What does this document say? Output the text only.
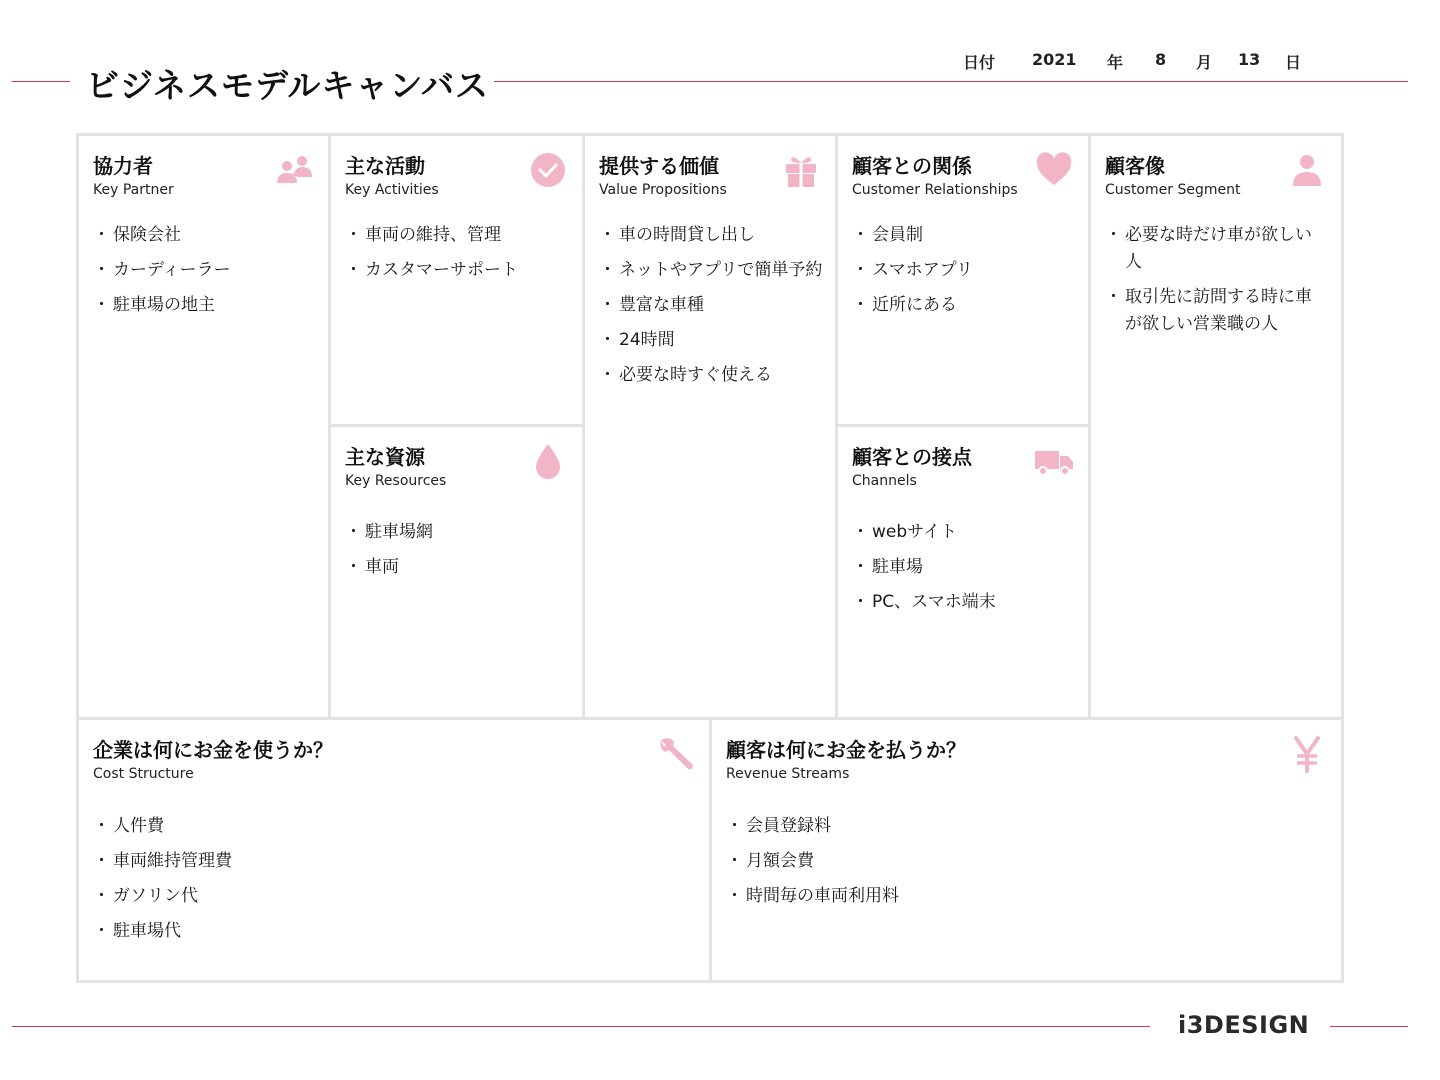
ビジネスモデルキャンバス
日付 2021 年 8 月 13 日
協力者
Key Partner
・ 保険会社
・ カーディーラー
・ 駐車場の地主
主な活動
Key Activities
・ 車両の維持、管理
・ カスタマーサポート
主な資源
Key Resources
・ 駐車場網
・ 車両
提供する価値
Value Propositions
・ 車の時間貸し出し
・ ネットやアプリで簡単予約
・ 豊富な車種
・ 24時間
・ 必要な時すぐ使える
顧客との関係
Customer Relationships
・ 会員制
・ スマホアプリ
・ 近所にある
顧客との接点
Channels
・ webサイト
・ 駐車場
・ PC、スマホ端末
顧客像
Customer Segment
・ 必要な時だけ車が欲しい人
・ 取引先に訪問する時に車が欲しい営業職の人
企業は何にお金を使うか？
Cost Structure
・ 人件費
・ 車両維持管理費
・ ガソリン代
・ 駐車場代
顧客は何にお金を払うか？
Revenue Streams
・ 会員登録料
・ 月額会費
・ 時間毎の車両利用料
i3DESIGN
